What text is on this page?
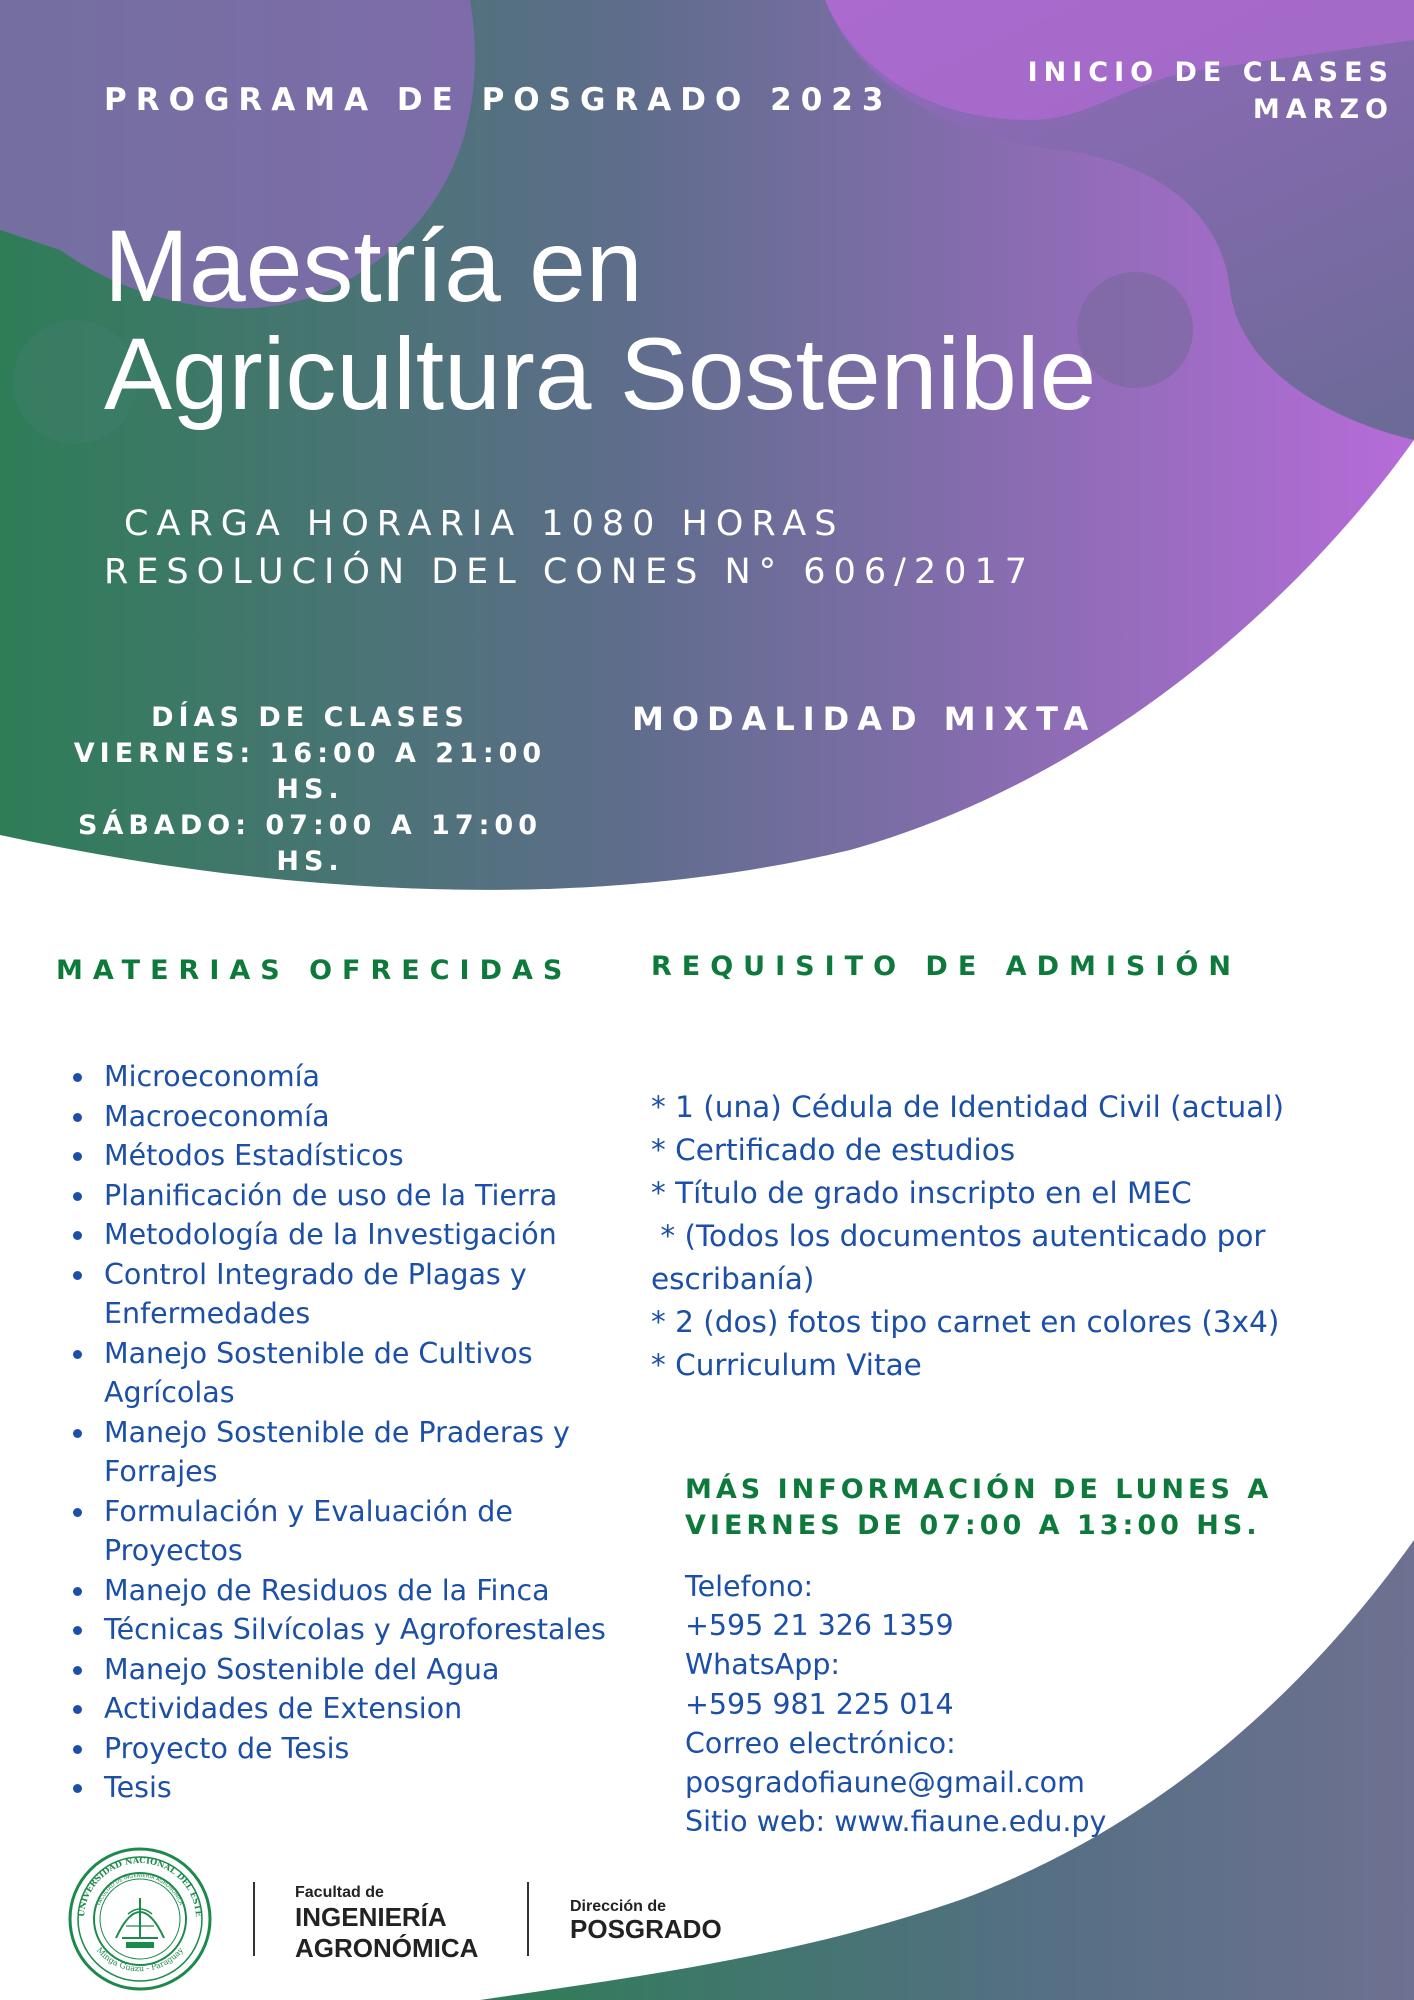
PROGRAMA DE POSGRADO 2023
INICIO DE CLASES
MARZO
Maestría en
Agricultura Sostenible
CARGA HORARIA 1080 HORAS
RESOLUCIÓN DEL CONES N° 606/2017
DÍAS DE CLASES
VIERNES: 16:00 A 21:00 HS.
SÁBADO: 07:00 A 17:00 HS.
MODALIDAD MIXTA
MATERIAS OFRECIDAS	REQUISITO DE ADMISIÓN
Microeconomía
Macroeconomía
Métodos Estadísticos
Planificación de uso de la Tierra
Metodología de la Investigación
Control Integrado de Plagas y Enfermedades
Manejo Sostenible de Cultivos Agrícolas
Manejo Sostenible de Praderas y Forrajes
Formulación y Evaluación de Proyectos
Manejo de Residuos de la Finca
Técnicas Silvícolas y Agroforestales
Manejo Sostenible del Agua
Actividades de Extension
Proyecto de Tesis
Tesis
* 1 (una) Cédula de Identidad Civil (actual)
* Certificado de estudios
* Título de grado inscripto en el MEC
* (Todos los documentos autenticado por escribanía)
* 2 (dos) fotos tipo carnet en colores (3x4)
* Curriculum Vitae
MÁS INFORMACIÓN DE LUNES A VIERNES DE 07:00 A 13:00 HS.
Telefono:
+595 21 326 1359
WhatsApp:
+595 981 225 014
Correo electrónico:
posgradofiaune@gmail.com
Sitio web: www.fiaune.edu.py
UNIVERSIDAD NACIONAL DEL ESTE
FACULTAD DE INGENIERÍA AGRONÓMICA
Minga Guazú - Paraguay
Facultad de
INGENIERÍA
AGRONÓMICA
Dirección de
POSGRADO
